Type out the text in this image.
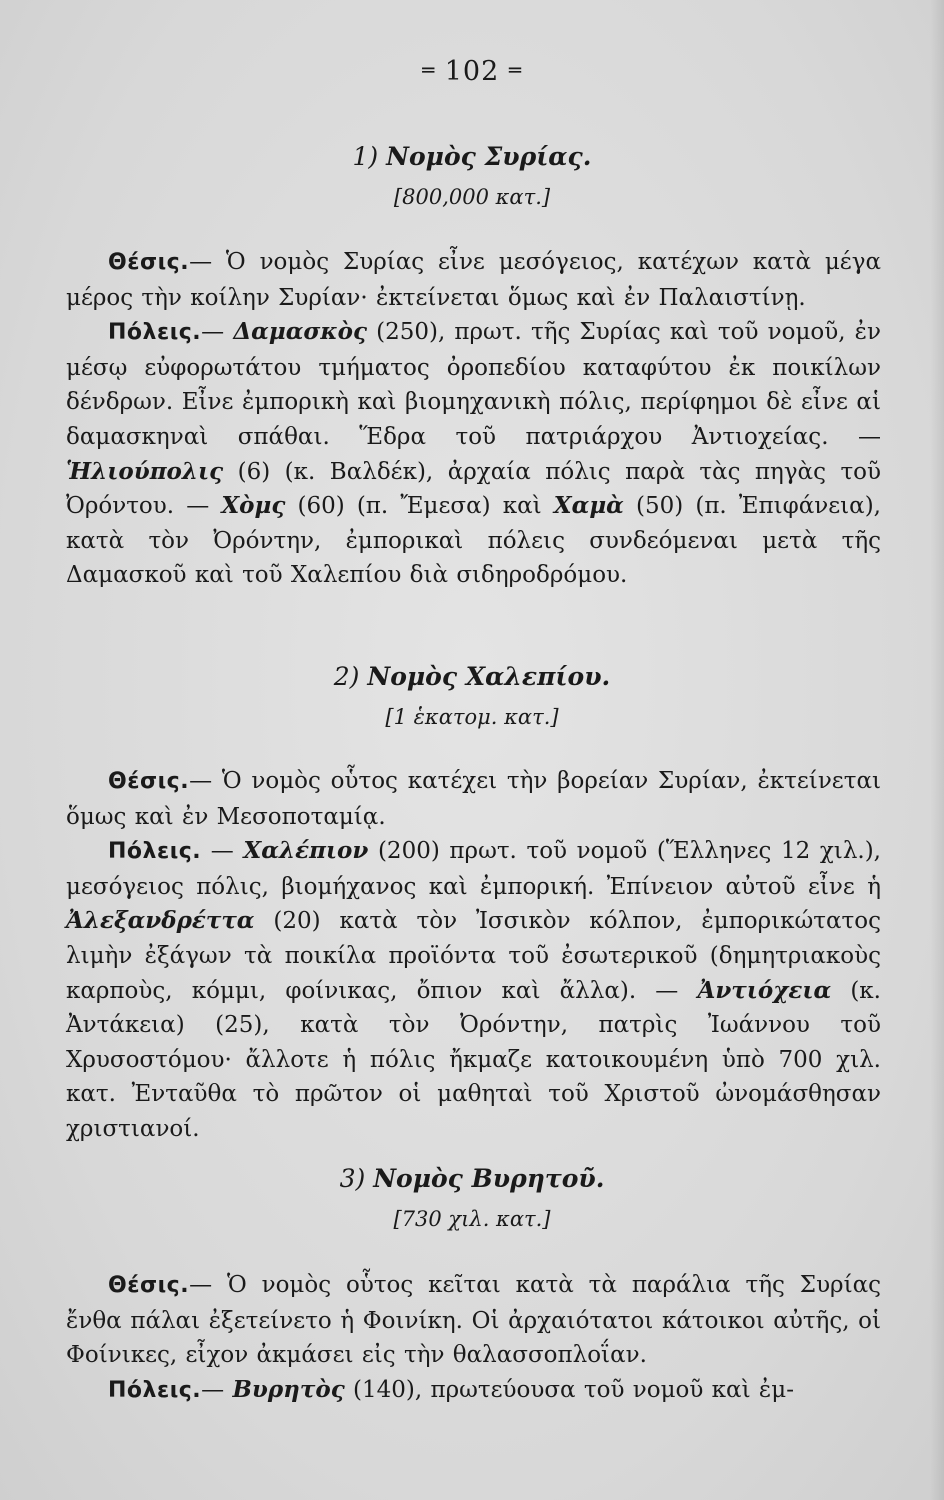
═ 102 ═
1) Νομὸς Συρίας.
[800,000 κατ.]

Θέσις.— Ὁ νομὸς Συρίας εἶνε μεσόγειος, κατέχων κατὰ μέγα μέρος τὴν κοίλην Συρίαν· ἐκτείνεται ὅμως καὶ ἐν Παλαιστίνῃ.

Πόλεις.— Δαμασκὸς (250), πρωτ. τῆς Συρίας καὶ τοῦ νομοῦ, ἐν μέσῳ εὐφορωτάτου τμήματος ὀροπεδίου καταφύτου ἐκ ποικίλων δένδρων. Εἶνε ἐμπορικὴ καὶ βιομηχανικὴ πόλις, περίφημοι δὲ εἶνε αἱ δαμασκηναὶ σπάθαι. Ἕδρα τοῦ πατριάρχου Ἀντιοχείας. — Ἡλιούπολις (6) (κ. Βαλδέκ), ἀρχαία πόλις παρὰ τὰς πηγὰς τοῦ Ὀρόντου. — Χὸμς (60) (π. Ἔμεσα) καὶ Χαμὰ (50) (π. Ἐπιφάνεια), κατὰ τὸν Ὀρόντην, ἐμπορικαὶ πόλεις συνδεόμεναι μετὰ τῆς Δαμασκοῦ καὶ τοῦ Χαλεπίου διὰ σιδηροδρόμου.

2) Νομὸς Χαλεπίου.
[1 ἑκατομ. κατ.]

Θέσις.— Ὁ νομὸς οὗτος κατέχει τὴν βορείαν Συρίαν, ἐκτείνεται ὅμως καὶ ἐν Μεσοποταμίᾳ.

Πόλεις. — Χαλέπιον (200) πρωτ. τοῦ νομοῦ (Ἕλληνες 12 χιλ.), μεσόγειος πόλις, βιομήχανος καὶ ἐμπορική. Ἐπίνειον αὐτοῦ εἶνε ἡ Ἀλεξανδρέττα (20) κατὰ τὸν Ἰσσικὸν κόλπον, ἐμπορικώτατος λιμὴν ἐξάγων τὰ ποικίλα προϊόντα τοῦ ἐσωτερικοῦ (δημητριακοὺς καρποὺς, κόμμι, φοίνικας, ὄπιον καὶ ἄλλα). — Ἀντιόχεια (κ. Ἀντάκεια) (25), κατὰ τὸν Ὀρόντην, πατρὶς Ἰωάννου τοῦ Χρυσοστόμου· ἄλλοτε ἡ πόλις ἤκμαζε κατοικουμένη ὑπὸ 700 χιλ. κατ. Ἐνταῦθα τὸ πρῶτον οἱ μαθηταὶ τοῦ Χριστοῦ ὠνομάσθησαν χριστιανοί.

3) Νομὸς Βυρητοῦ.
[730 χιλ. κατ.]

Θέσις.— Ὁ νομὸς οὗτος κεῖται κατὰ τὰ παράλια τῆς Συρίας ἔνθα πάλαι ἐξετείνετο ἡ Φοινίκη. Οἱ ἀρχαιότατοι κάτοικοι αὐτῆς, οἱ Φοίνικες, εἶχον ἀκμάσει εἰς τὴν θαλασσοπλοΐαν.

Πόλεις.— Βυρητὸς (140), πρωτεύουσα τοῦ νομοῦ καὶ ἐμ-
